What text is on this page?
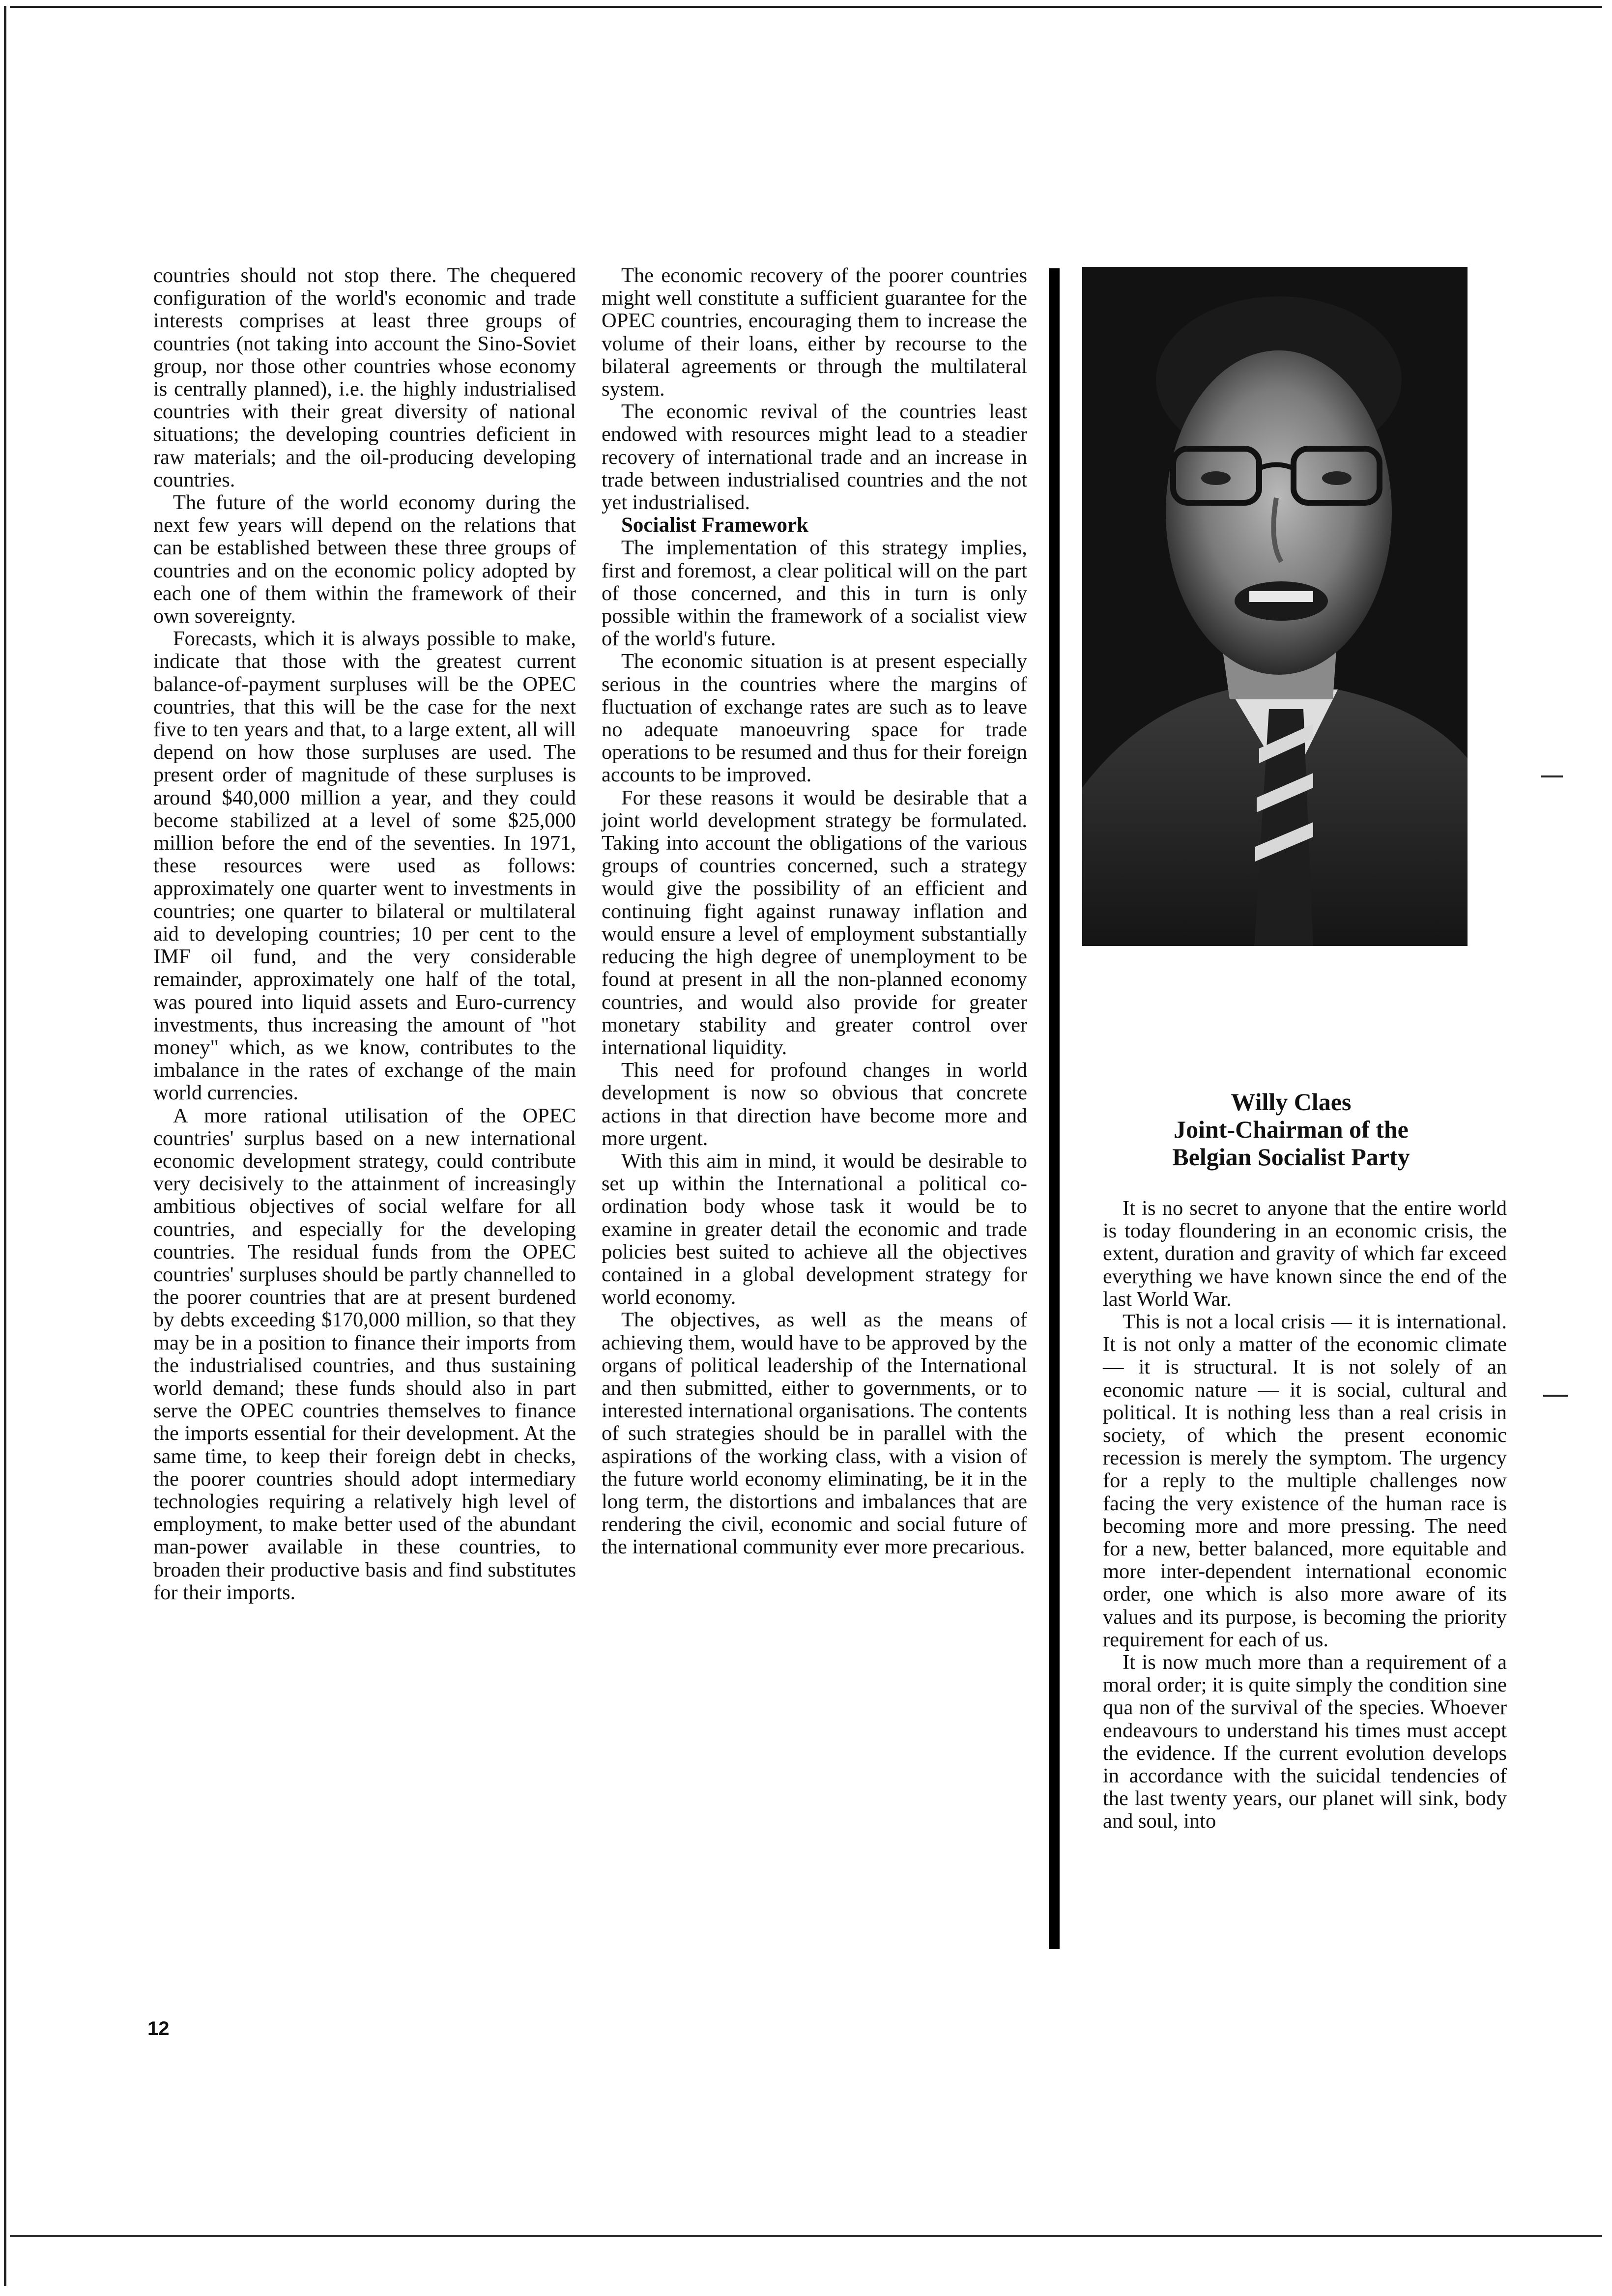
countries should not stop there. The chequered configuration of the world's economic and trade interests comprises at least three groups of countries (not taking into account the Sino-Soviet group, nor those other countries whose economy is centrally planned), i.e. the highly industrialised countries with their great diversity of national situations; the developing countries deficient in raw materials; and the oil-producing developing countries.

The future of the world economy during the next few years will depend on the relations that can be established between these three groups of countries and on the economic policy adopted by each one of them within the framework of their own sovereignty.

Forecasts, which it is always possible to make, indicate that those with the greatest current balance-of-payment surpluses will be the OPEC countries, that this will be the case for the next five to ten years and that, to a large extent, all will depend on how those surpluses are used. The present order of magnitude of these surpluses is around $40,000 million a year, and they could become stabilized at a level of some $25,000 million before the end of the seventies. In 1971, these resources were used as follows: approximately one quarter went to investments in countries; one quarter to bilateral or multilateral aid to developing countries; 10 per cent to the IMF oil fund, and the very considerable remainder, approximately one half of the total, was poured into liquid assets and Euro-currency investments, thus increasing the amount of "hot money" which, as we know, contributes to the imbalance in the rates of exchange of the main world currencies.

A more rational utilisation of the OPEC countries' surplus based on a new international economic development strategy, could contribute very decisively to the attainment of increasingly ambitious objectives of social welfare for all countries, and especially for the developing countries. The residual funds from the OPEC countries' surpluses should be partly channelled to the poorer countries that are at present burdened by debts exceeding $170,000 million, so that they may be in a position to finance their imports from the industrialised countries, and thus sustaining world demand; these funds should also in part serve the OPEC countries themselves to finance the imports essential for their development. At the same time, to keep their foreign debt in checks, the poorer countries should adopt intermediary technologies requiring a relatively high level of employment, to make better used of the abundant man-power available in these countries, to broaden their productive basis and find substitutes for their imports.

The economic recovery of the poorer countries might well constitute a sufficient guarantee for the OPEC countries, encouraging them to increase the volume of their loans, either by recourse to the bilateral agreements or through the multilateral system.

The economic revival of the countries least endowed with resources might lead to a steadier recovery of international trade and an increase in trade between industrialised countries and the not yet industrialised.

Socialist Framework

The implementation of this strategy implies, first and foremost, a clear political will on the part of those concerned, and this in turn is only possible within the framework of a socialist view of the world's future.

The economic situation is at present especially serious in the countries where the margins of fluctuation of exchange rates are such as to leave no adequate manoeuvring space for trade operations to be resumed and thus for their foreign accounts to be improved.

For these reasons it would be desirable that a joint world development strategy be formulated. Taking into account the obligations of the various groups of countries concerned, such a strategy would give the possibility of an efficient and continuing fight against runaway inflation and would ensure a level of employment substantially reducing the high degree of unemployment to be found at present in all the non-planned economy countries, and would also provide for greater monetary stability and greater control over international liquidity.

This need for profound changes in world development is now so obvious that concrete actions in that direction have become more and more urgent.

With this aim in mind, it would be desirable to set up within the International a political co-ordination body whose task it would be to examine in greater detail the economic and trade policies best suited to achieve all the objectives contained in a global development strategy for world economy.

The objectives, as well as the means of achieving them, would have to be approved by the organs of political leadership of the International and then submitted, either to governments, or to interested international organisations. The contents of such strategies should be in parallel with the aspirations of the working class, with a vision of the future world economy eliminating, be it in the long term, the distortions and imbalances that are rendering the civil, economic and social future of the international community ever more precarious.

Willy Claes
Joint-Chairman of the
Belgian Socialist Party

It is no secret to anyone that the entire world is today floundering in an economic crisis, the extent, duration and gravity of which far exceed everything we have known since the end of the last World War.

This is not a local crisis — it is international. It is not only a matter of the economic climate — it is structural. It is not solely of an economic nature — it is social, cultural and political. It is nothing less than a real crisis in society, of which the present economic recession is merely the symptom. The urgency for a reply to the multiple challenges now facing the very existence of the human race is becoming more and more pressing. The need for a new, better balanced, more equitable and more inter-dependent international economic order, one which is also more aware of its values and its purpose, is becoming the priority requirement for each of us.

It is now much more than a requirement of a moral order; it is quite simply the condition sine qua non of the survival of the species. Whoever endeavours to understand his times must accept the evidence. If the current evolution develops in accordance with the suicidal tendencies of the last twenty years, our planet will sink, body and soul, into

12
